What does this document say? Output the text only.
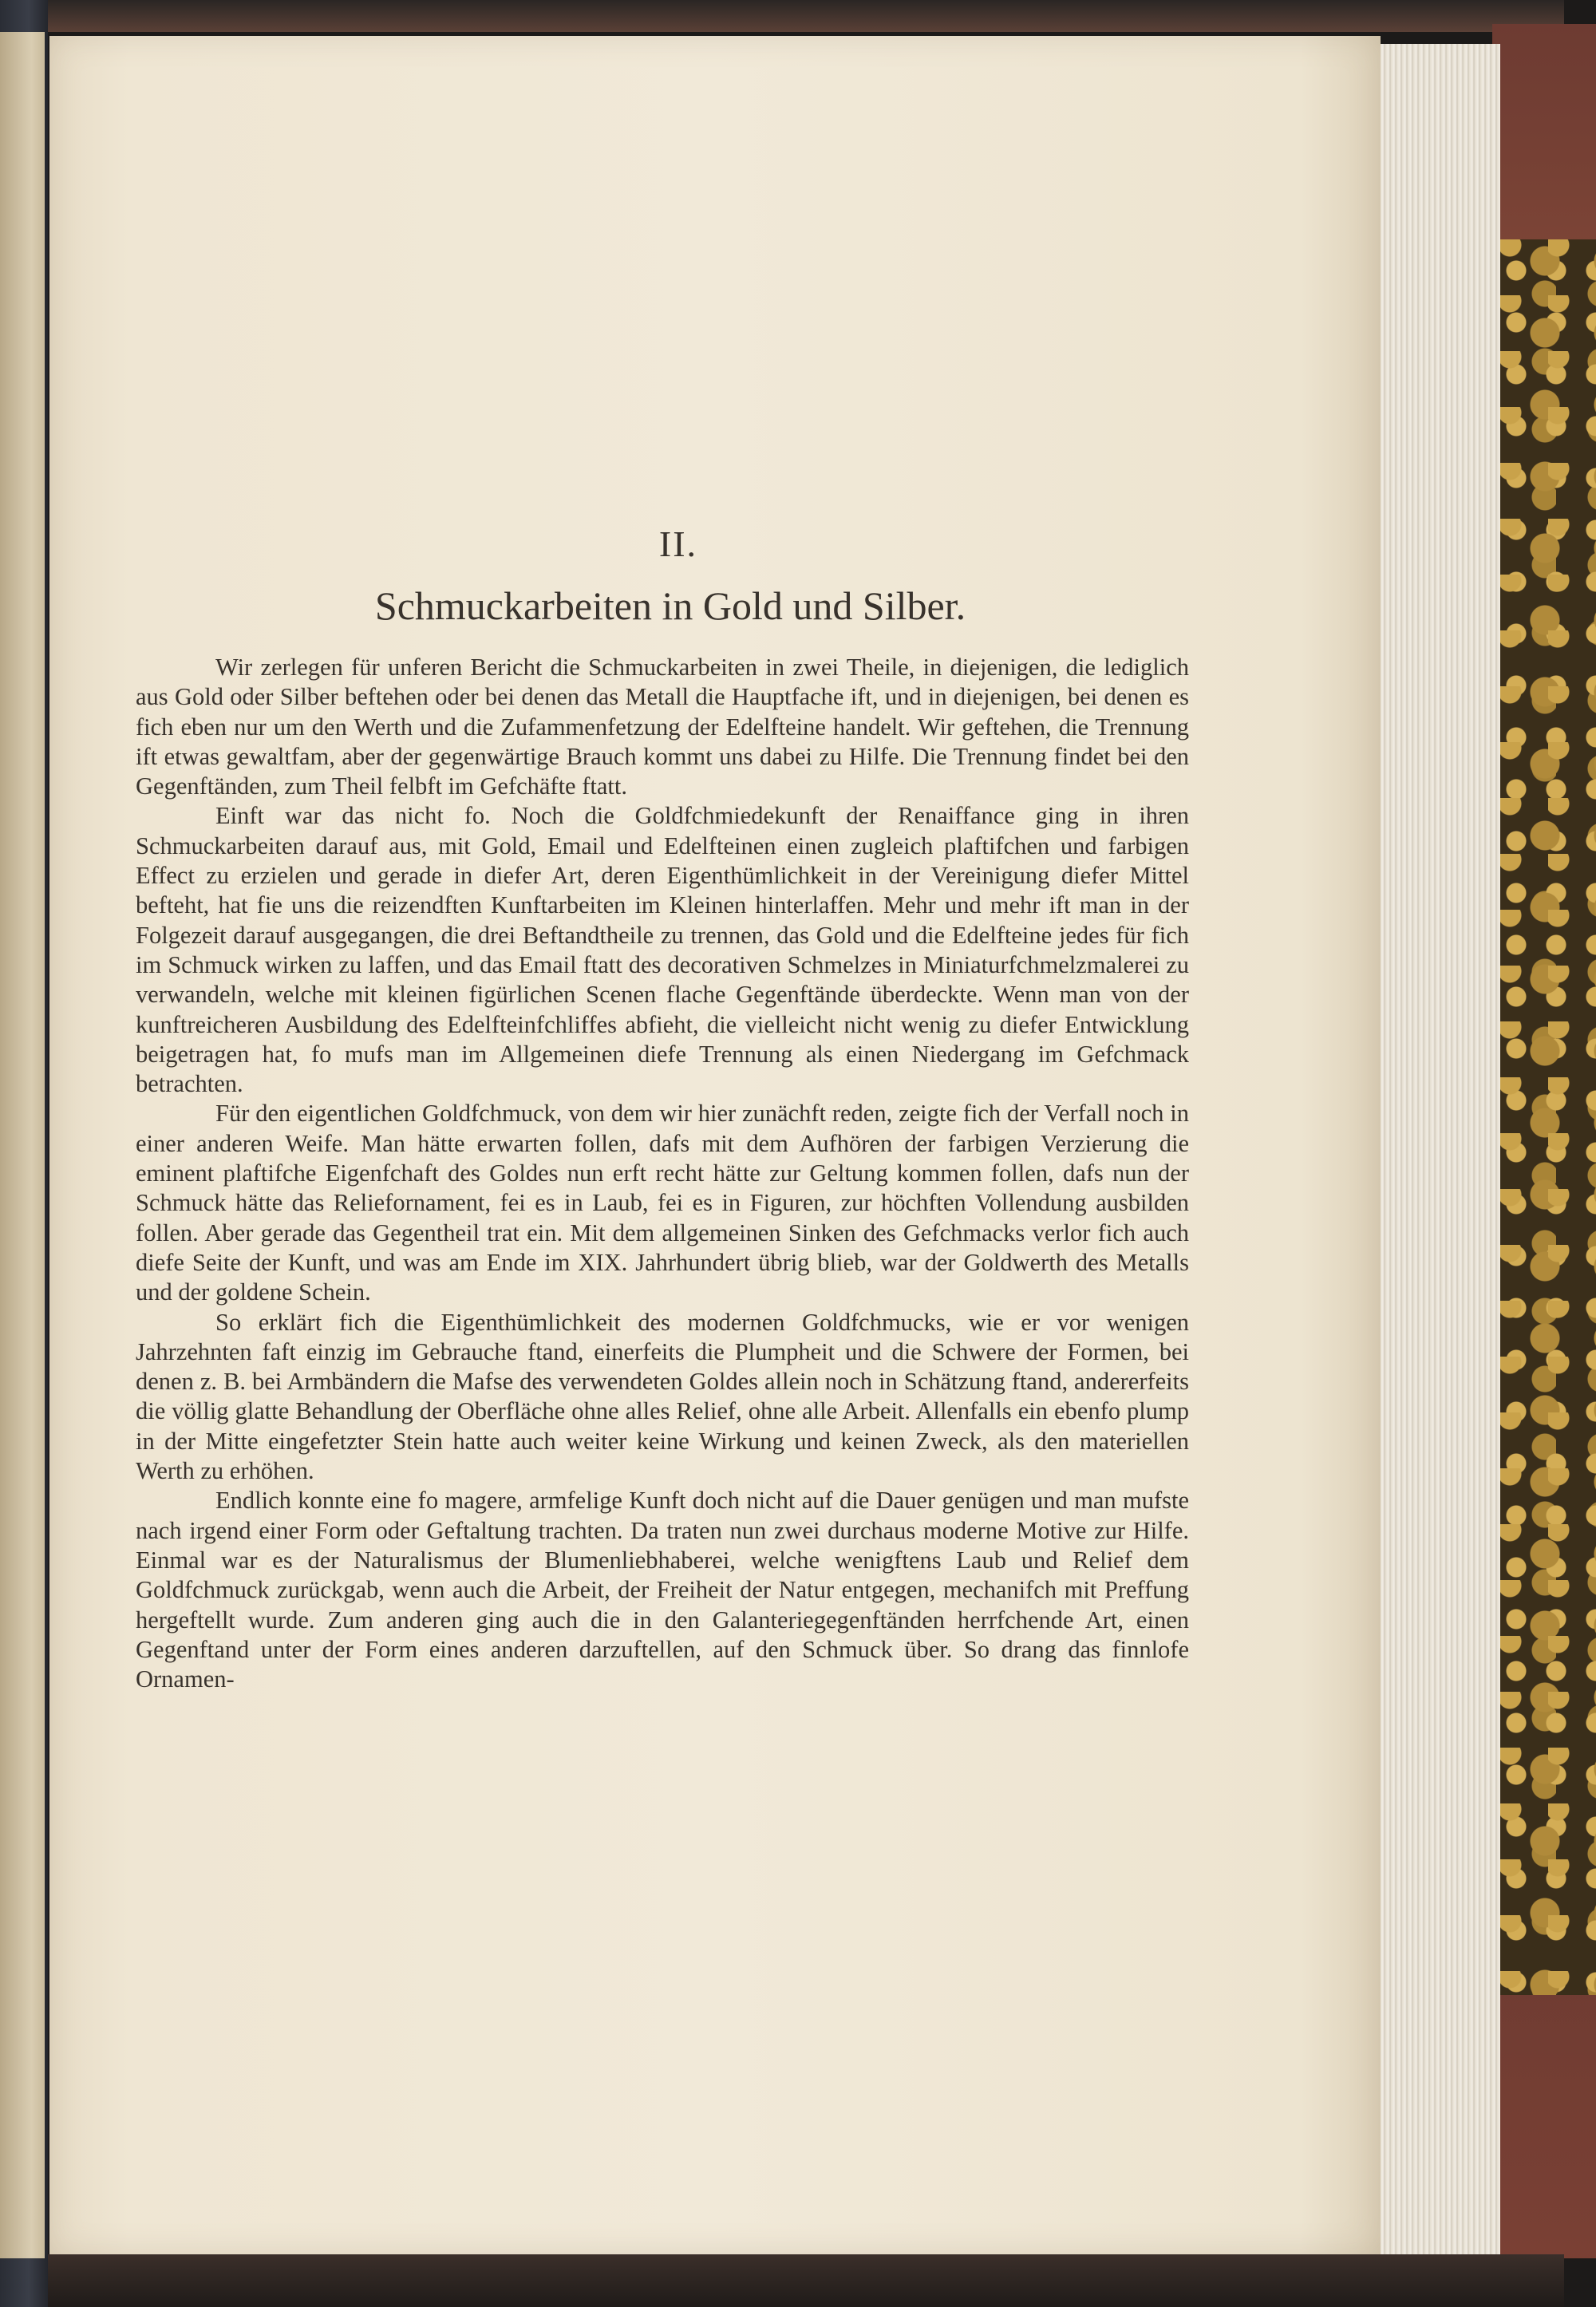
II.
Schmuckarbeiten in Gold und Silber.

Wir zerlegen für unferen Bericht die Schmuckarbeiten in zwei Theile, in diejenigen, die lediglich aus Gold oder Silber beftehen oder bei denen das Metall die Hauptfache ift, und in diejenigen, bei denen es fich eben nur um den Werth und die Zufammenfetzung der Edelfteine handelt. Wir geftehen, die Trennung ift etwas gewaltfam, aber der gegenwärtige Brauch kommt uns dabei zu Hilfe. Die Trennung findet bei den Gegenftänden, zum Theil felbft im Gefchäfte ftatt.

Einft war das nicht fo. Noch die Goldfchmiedekunft der Renaiffance ging in ihren Schmuckarbeiten darauf aus, mit Gold, Email und Edelfteinen einen zugleich plaftifchen und farbigen Effect zu erzielen und gerade in diefer Art, deren Eigenthümlichkeit in der Vereinigung diefer Mittel befteht, hat fie uns die reizendften Kunftarbeiten im Kleinen hinterlaffen. Mehr und mehr ift man in der Folgezeit darauf ausgegangen, die drei Beftandtheile zu trennen, das Gold und die Edelfteine jedes für fich im Schmuck wirken zu laffen, und das Email ftatt des decorativen Schmelzes in Miniaturfchmelzmalerei zu verwandeln, welche mit kleinen figürlichen Scenen flache Gegenftände überdeckte. Wenn man von der kunftreicheren Ausbildung des Edelfteinfchliffes abfieht, die vielleicht nicht wenig zu diefer Entwicklung beigetragen hat, fo mufs man im Allgemeinen diefe Trennung als einen Niedergang im Gefchmack betrachten.

Für den eigentlichen Goldfchmuck, von dem wir hier zunächft reden, zeigte fich der Verfall noch in einer anderen Weife. Man hätte erwarten follen, dafs mit dem Aufhören der farbigen Verzierung die eminent plaftifche Eigenfchaft des Goldes nun erft recht hätte zur Geltung kommen follen, dafs nun der Schmuck hätte das Reliefornament, fei es in Laub, fei es in Figuren, zur höchften Vollendung ausbilden follen. Aber gerade das Gegentheil trat ein. Mit dem allgemeinen Sinken des Gefchmacks verlor fich auch diefe Seite der Kunft, und was am Ende im XIX. Jahrhundert übrig blieb, war der Goldwerth des Metalls und der goldene Schein.

So erklärt fich die Eigenthümlichkeit des modernen Goldfchmucks, wie er vor wenigen Jahrzehnten faft einzig im Gebrauche ftand, einerfeits die Plumpheit und die Schwere der Formen, bei denen z. B. bei Armbändern die Mafse des verwendeten Goldes allein noch in Schätzung ftand, andererfeits die völlig glatte Behandlung der Oberfläche ohne alles Relief, ohne alle Arbeit. Allenfalls ein ebenfo plump in der Mitte eingefetzter Stein hatte auch weiter keine Wirkung und keinen Zweck, als den materiellen Werth zu erhöhen.

Endlich konnte eine fo magere, armfelige Kunft doch nicht auf die Dauer genügen und man mufste nach irgend einer Form oder Geftaltung trachten. Da traten nun zwei durchaus moderne Motive zur Hilfe. Einmal war es der Naturalismus der Blumenliebhaberei, welche wenigftens Laub und Relief dem Goldfchmuck zurückgab, wenn auch die Arbeit, der Freiheit der Natur entgegen, mechanifch mit Preffung hergeftellt wurde. Zum anderen ging auch die in den Galanteriegegenftänden herrfchende Art, einen Gegenftand unter der Form eines anderen darzuftellen, auf den Schmuck über. So drang das finnlofe Ornamen-
